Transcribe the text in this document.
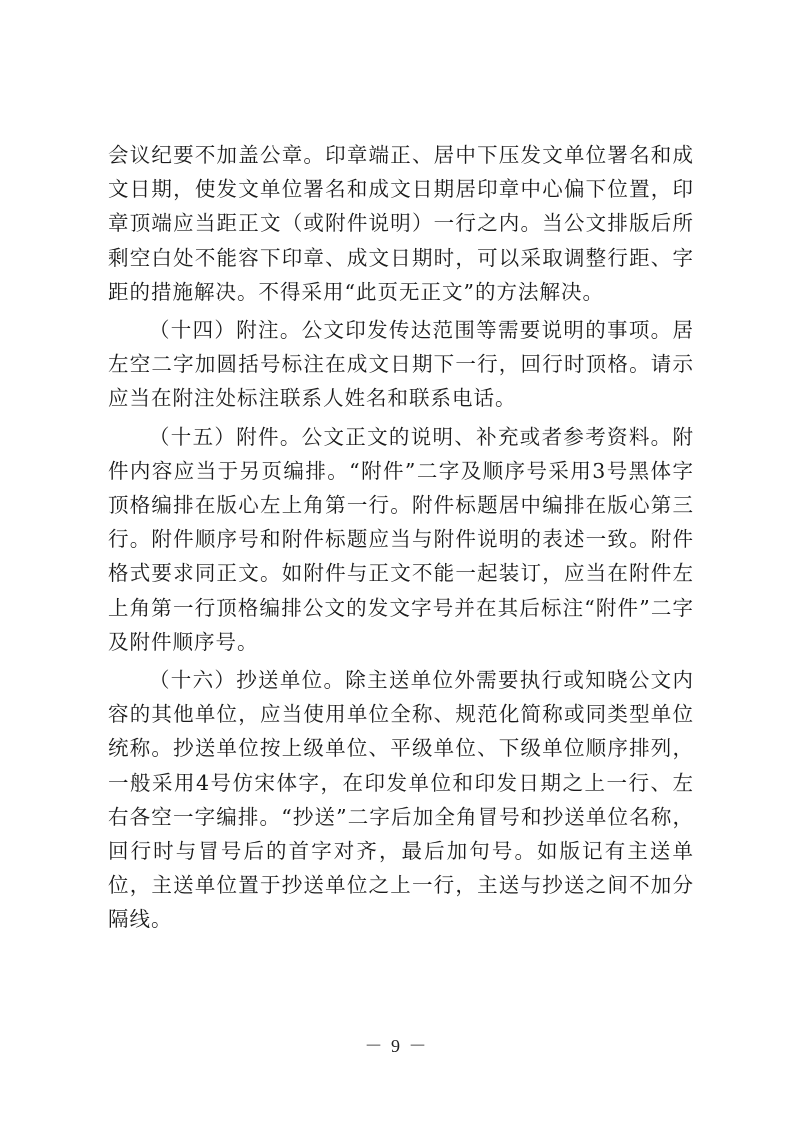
会议纪要不加盖公章。印章端正、居中下压发文单位署名和成文日期，使发文单位署名和成文日期居印章中心偏下位置，印章顶端应当距正文（或附件说明）一行之内。当公文排版后所剩空白处不能容下印章、成文日期时，可以采取调整行距、字距的措施解决。不得采用“此页无正文”的方法解决。

（十四）附注。公文印发传达范围等需要说明的事项。居左空二字加圆括号标注在成文日期下一行，回行时顶格。请示应当在附注处标注联系人姓名和联系电话。

（十五）附件。公文正文的说明、补充或者参考资料。附件内容应当于另页编排。“附件”二字及顺序号采用3号黑体字顶格编排在版心左上角第一行。附件标题居中编排在版心第三行。附件顺序号和附件标题应当与附件说明的表述一致。附件格式要求同正文。如附件与正文不能一起装订，应当在附件左上角第一行顶格编排公文的发文字号并在其后标注“附件”二字及附件顺序号。

（十六）抄送单位。除主送单位外需要执行或知晓公文内容的其他单位，应当使用单位全称、规范化简称或同类型单位统称。抄送单位按上级单位、平级单位、下级单位顺序排列，一般采用4号仿宋体字，在印发单位和印发日期之上一行、左右各空一字编排。“抄送”二字后加全角冒号和抄送单位名称，回行时与冒号后的首字对齐，最后加句号。如版记有主送单位，主送单位置于抄送单位之上一行，主送与抄送之间不加分隔线。

－ 9 －
